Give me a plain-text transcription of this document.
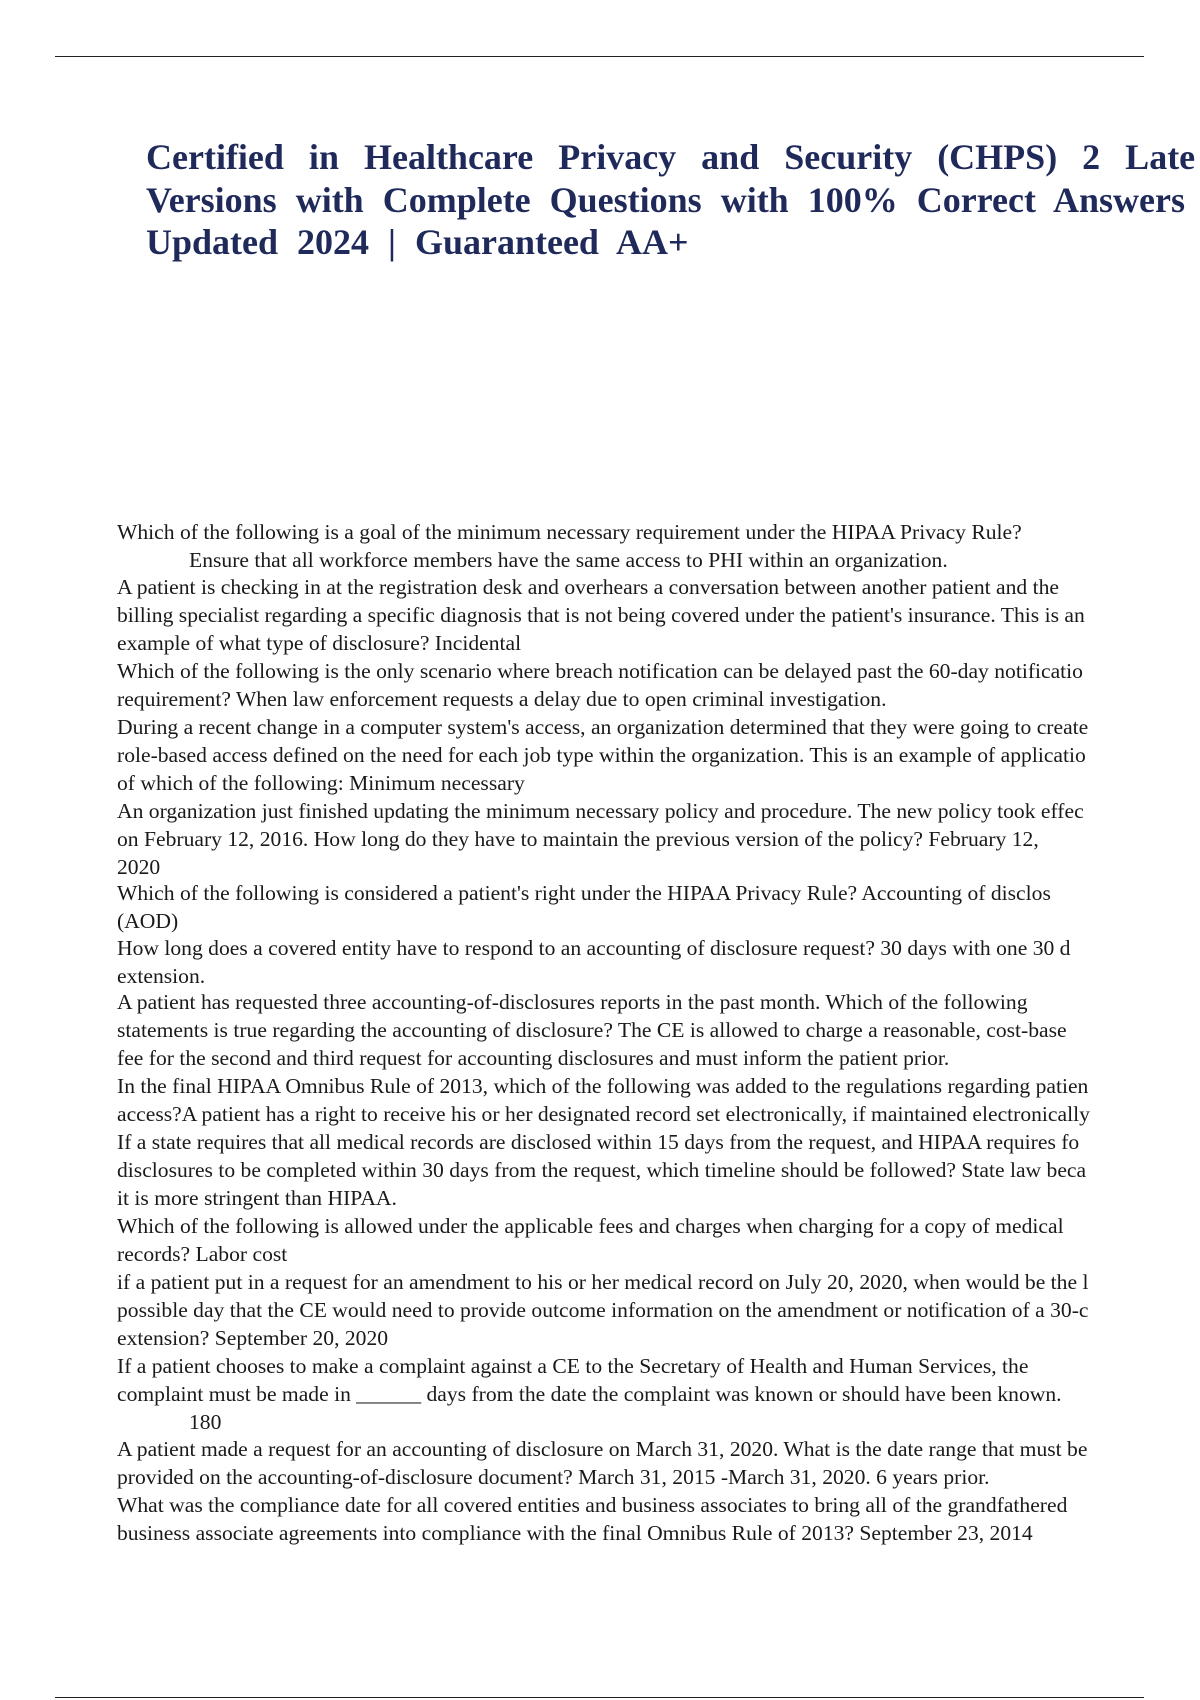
Certified in Healthcare Privacy and Security (CHPS) 2 Late
Versions with Complete Questions with 100% Correct Answers
Updated 2024 | Guaranteed AA+
Which of the following is a goal of the minimum necessary requirement under the HIPAA Privacy Rule?
Ensure that all workforce members have the same access to PHI within an organization.
A patient is checking in at the registration desk and overhears a conversation between another patient and the
billing specialist regarding a specific diagnosis that is not being covered under the patient's insurance. This is an
example of what type of disclosure? Incidental
Which of the following is the only scenario where breach notification can be delayed past the 60-day notificatio
requirement? When law enforcement requests a delay due to open criminal investigation.
During a recent change in a computer system's access, an organization determined that they were going to create
role-based access defined on the need for each job type within the organization. This is an example of applicatio
of which of the following: Minimum necessary
An organization just finished updating the minimum necessary policy and procedure. The new policy took effec
on February 12, 2016. How long do they have to maintain the previous version of the policy? February 12,
2020
Which of the following is considered a patient's right under the HIPAA Privacy Rule? Accounting of disclos
(AOD)
How long does a covered entity have to respond to an accounting of disclosure request? 30 days with one 30 d
extension.
A patient has requested three accounting-of-disclosures reports in the past month. Which of the following
statements is true regarding the accounting of disclosure? The CE is allowed to charge a reasonable, cost-base
fee for the second and third request for accounting disclosures and must inform the patient prior.
In the final HIPAA Omnibus Rule of 2013, which of the following was added to the regulations regarding patien
access?A patient has a right to receive his or her designated record set electronically, if maintained electronically
If a state requires that all medical records are disclosed within 15 days from the request, and HIPAA requires fo
disclosures to be completed within 30 days from the request, which timeline should be followed? State law beca
it is more stringent than HIPAA.
Which of the following is allowed under the applicable fees and charges when charging for a copy of medical
records? Labor cost
if a patient put in a request for an amendment to his or her medical record on July 20, 2020, when would be the l
possible day that the CE would need to provide outcome information on the amendment or notification of a 30-c
extension? September 20, 2020
If a patient chooses to make a complaint against a CE to the Secretary of Health and Human Services, the
complaint must be made in ______ days from the date the complaint was known or should have been known.
180
A patient made a request for an accounting of disclosure on March 31, 2020. What is the date range that must be
provided on the accounting-of-disclosure document? March 31, 2015 -March 31, 2020. 6 years prior.
What was the compliance date for all covered entities and business associates to bring all of the grandfathered
business associate agreements into compliance with the final Omnibus Rule of 2013? September 23, 2014
